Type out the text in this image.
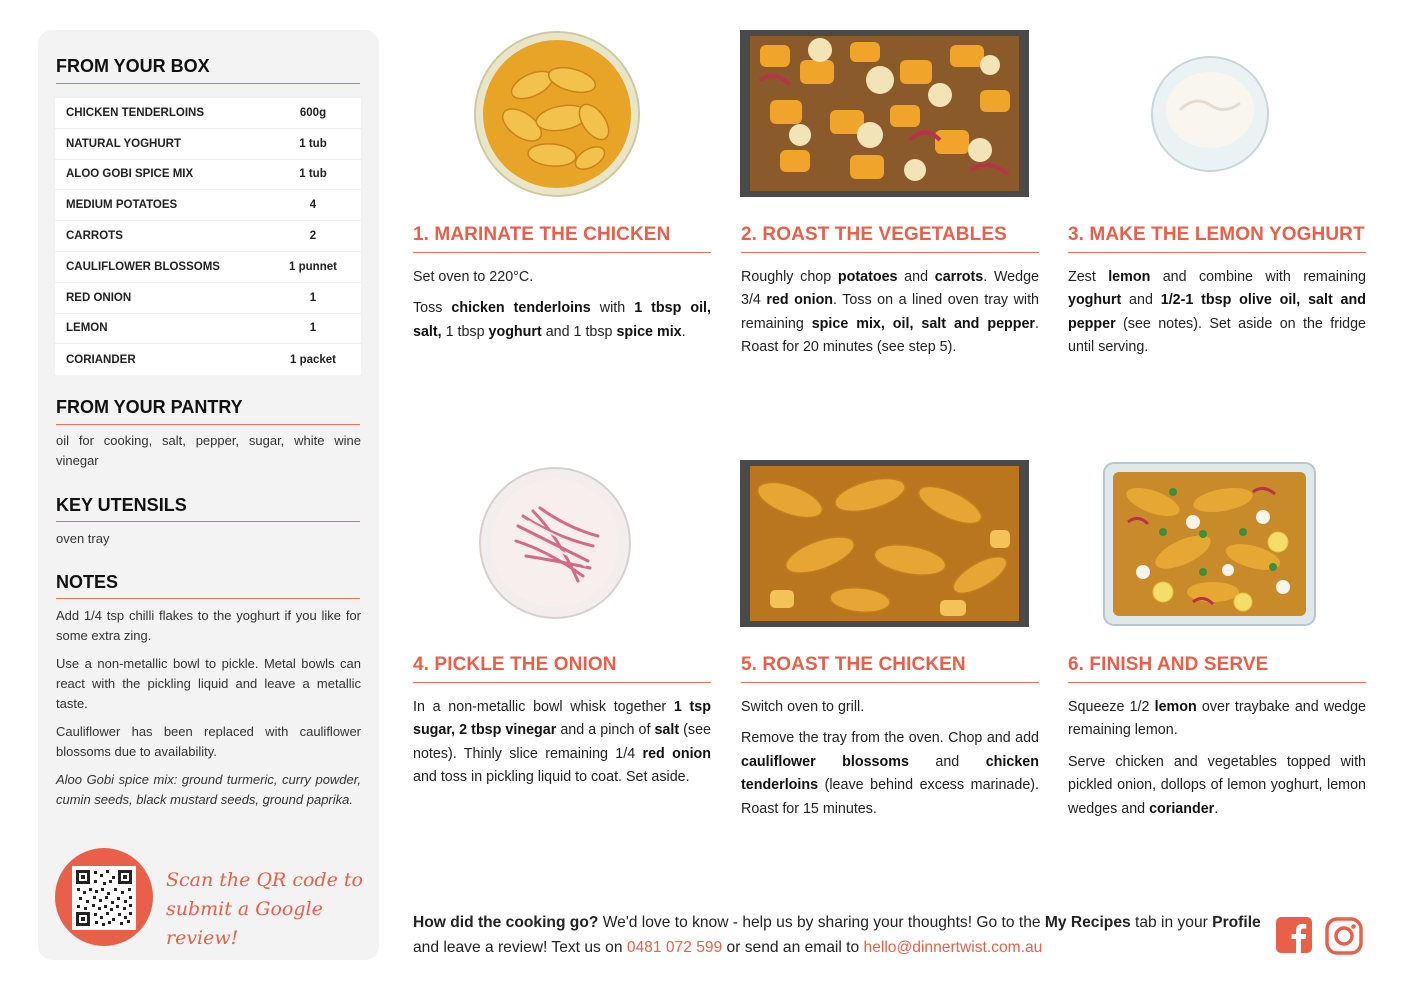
FROM YOUR BOX
CHICKEN TENDERLOINS	600g
NATURAL YOGHURT	1 tub
ALOO GOBI SPICE MIX	1 tub
MEDIUM POTATOES	4
CARROTS	2
CAULIFLOWER BLOSSOMS	1 punnet
RED ONION	1
LEMON	1
CORIANDER	1 packet
FROM YOUR PANTRY
oil for cooking, salt, pepper, sugar, white wine vinegar
KEY UTENSILS
oven tray
NOTES

Add 1/4 tsp chilli flakes to the yoghurt if you like for some extra zing.

Use a non-metallic bowl to pickle. Metal bowls can react with the pickling liquid and leave a metallic taste.

Cauliflower has been replaced with cauliflower blossoms due to availability.

Aloo Gobi spice mix: ground turmeric, curry powder, cumin seeds, black mustard seeds, ground paprika.

Scan the QR code to
submit a Google review!
1. MARINATE THE CHICKEN

Set oven to 220°C.

Toss chicken tenderloins with 1 tbsp oil, salt, 1 tbsp yoghurt and 1 tbsp spice mix.

2. ROAST THE VEGETABLES

Roughly chop potatoes and carrots. Wedge 3/4 red onion. Toss on a lined oven tray with remaining spice mix, oil, salt and pepper. Roast for 20 minutes (see step 5).

3. MAKE THE LEMON YOGHURT

Zest lemon and combine with remaining yoghurt and 1/2-1 tbsp olive oil, salt and pepper (see notes). Set aside on the fridge until serving.

4. PICKLE THE ONION

In a non-metallic bowl whisk together 1 tsp sugar, 2 tbsp vinegar and a pinch of salt (see notes). Thinly slice remaining 1/4 red onion and toss in pickling liquid to coat. Set aside.

5. ROAST THE CHICKEN

Switch oven to grill.

Remove the tray from the oven. Chop and add cauliflower blossoms and chicken tenderloins (leave behind excess marinade). Roast for 15 minutes.

6. FINISH AND SERVE

Squeeze 1/2 lemon over traybake and wedge remaining lemon.

Serve chicken and vegetables topped with pickled onion, dollops of lemon yoghurt, lemon wedges and coriander.

How did the cooking go? We'd love to know - help us by sharing your thoughts! Go to the My Recipes tab in your Profile and leave a review! Text us on 0481 072 599 or send an email to hello@dinnertwist.com.au
